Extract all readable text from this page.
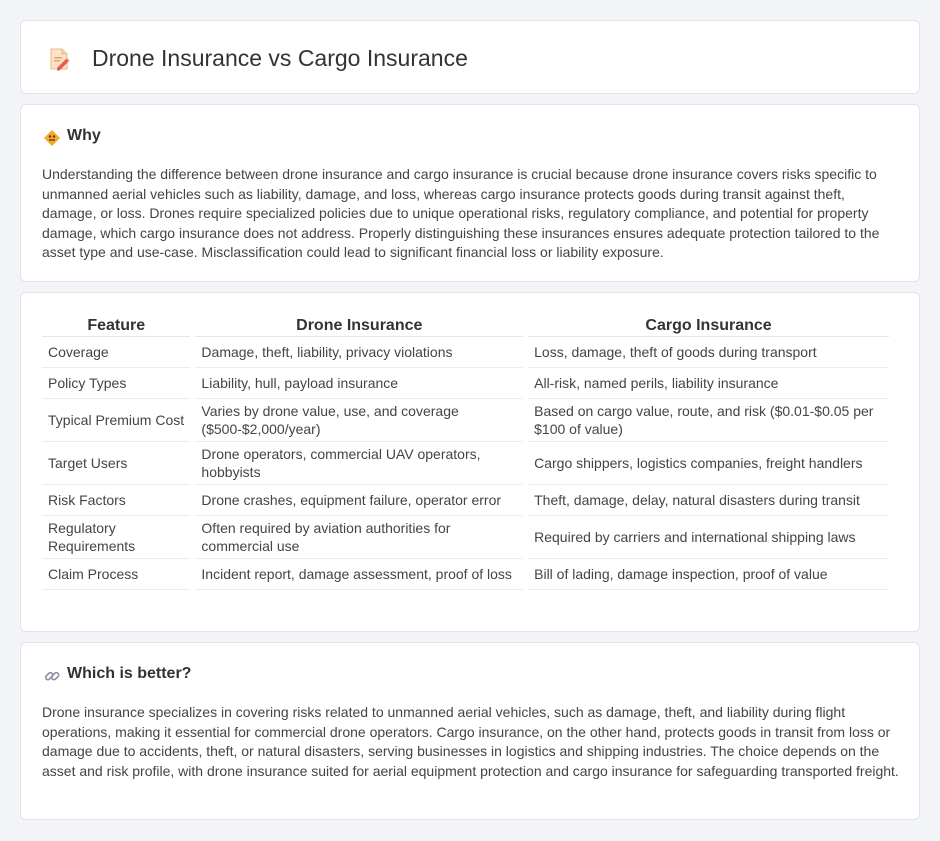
Drone Insurance vs Cargo Insurance
Why

Understanding the difference between drone insurance and cargo insurance is crucial because drone insurance covers risks specific to unmanned aerial vehicles such as liability, damage, and loss, whereas cargo insurance protects goods during transit against theft, damage, or loss. Drones require specialized policies due to unique operational risks, regulatory compliance, and potential for property damage, which cargo insurance does not address. Properly distinguishing these insurances ensures adequate protection tailored to the asset type and use-case. Misclassification could lead to significant financial loss or liability exposure.

Feature	Drone Insurance	Cargo Insurance
Coverage	Damage, theft, liability, privacy violations	Loss, damage, theft of goods during transport
Policy Types	Liability, hull, payload insurance	All-risk, named perils, liability insurance
Typical Premium Cost	Varies by drone value, use, and coverage ($500-$2,000/year)	Based on cargo value, route, and risk ($0.01-$0.05 per $100 of value)
Target Users	Drone operators, commercial UAV operators, hobbyists	Cargo shippers, logistics companies, freight handlers
Risk Factors	Drone crashes, equipment failure, operator error	Theft, damage, delay, natural disasters during transit
Regulatory Requirements	Often required by aviation authorities for commercial use	Required by carriers and international shipping laws
Claim Process	Incident report, damage assessment, proof of loss	Bill of lading, damage inspection, proof of value
Which is better?

Drone insurance specializes in covering risks related to unmanned aerial vehicles, such as damage, theft, and liability during flight operations, making it essential for commercial drone operators. Cargo insurance, on the other hand, protects goods in transit from loss or damage due to accidents, theft, or natural disasters, serving businesses in logistics and shipping industries. The choice depends on the asset and risk profile, with drone insurance suited for aerial equipment protection and cargo insurance for safeguarding transported freight.
